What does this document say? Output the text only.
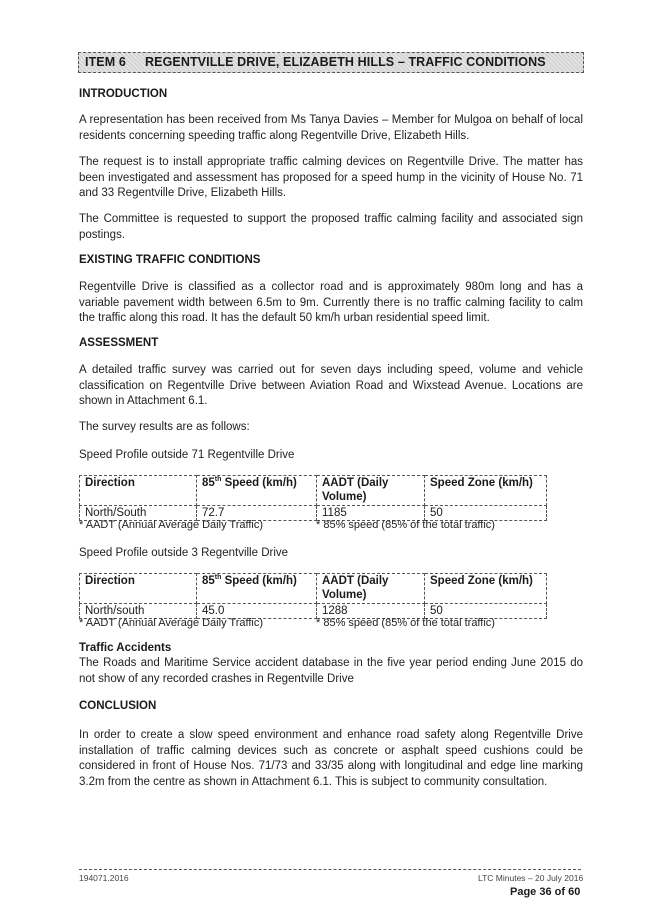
ITEM 6 REGENTVILLE DRIVE, ELIZABETH HILLS – TRAFFIC CONDITIONS
INTRODUCTION

A representation has been received from Ms Tanya Davies – Member for Mulgoa on behalf of local residents concerning speeding traffic along Regentville Drive, Elizabeth Hills.

The request is to install appropriate traffic calming devices on Regentville Drive. The matter has been investigated and assessment has proposed for a speed hump in the vicinity of House No. 71 and 33 Regentville Drive, Elizabeth Hills.

The Committee is requested to support the proposed traffic calming facility and associated sign postings.

EXISTING TRAFFIC CONDITIONS

Regentville Drive is classified as a collector road and is approximately 980m long and has a variable pavement width between 6.5m to 9m. Currently there is no traffic calming facility to calm the traffic along this road. It has the default 50 km/h urban residential speed limit.

ASSESSMENT

A detailed traffic survey was carried out for seven days including speed, volume and vehicle classification on Regentville Drive between Aviation Road and Wixstead Avenue. Locations are shown in Attachment 6.1.

The survey results are as follows:

Speed Profile outside 71 Regentville Drive
Direction	85th Speed (km/h)	AADT (Daily Volume)	Speed Zone (km/h)
North/South	72.7	1185	50
* AADT (Annual Average Daily Traffic)	* 85% speed (85% of the total traffic)
Speed Profile outside 3 Regentville Drive
Direction	85th Speed (km/h)	AADT (Daily Volume)	Speed Zone (km/h)
North/south	45.0	1288	50
* AADT (Annual Average Daily Traffic)	* 85% speed (85% of the total traffic)
Traffic Accidents

The Roads and Maritime Service accident database in the five year period ending June 2015 do not show of any recorded crashes in Regentville Drive

CONCLUSION

In order to create a slow speed environment and enhance road safety along Regentville Drive installation of traffic calming devices such as concrete or asphalt speed cushions could be considered in front of House Nos. 71/73 and 33/35 along with longitudinal and edge line marking 3.2m from the centre as shown in Attachment 6.1. This is subject to community consultation.

194071.2016	LTC Minutes – 20 July 2016
Page 36 of 60
